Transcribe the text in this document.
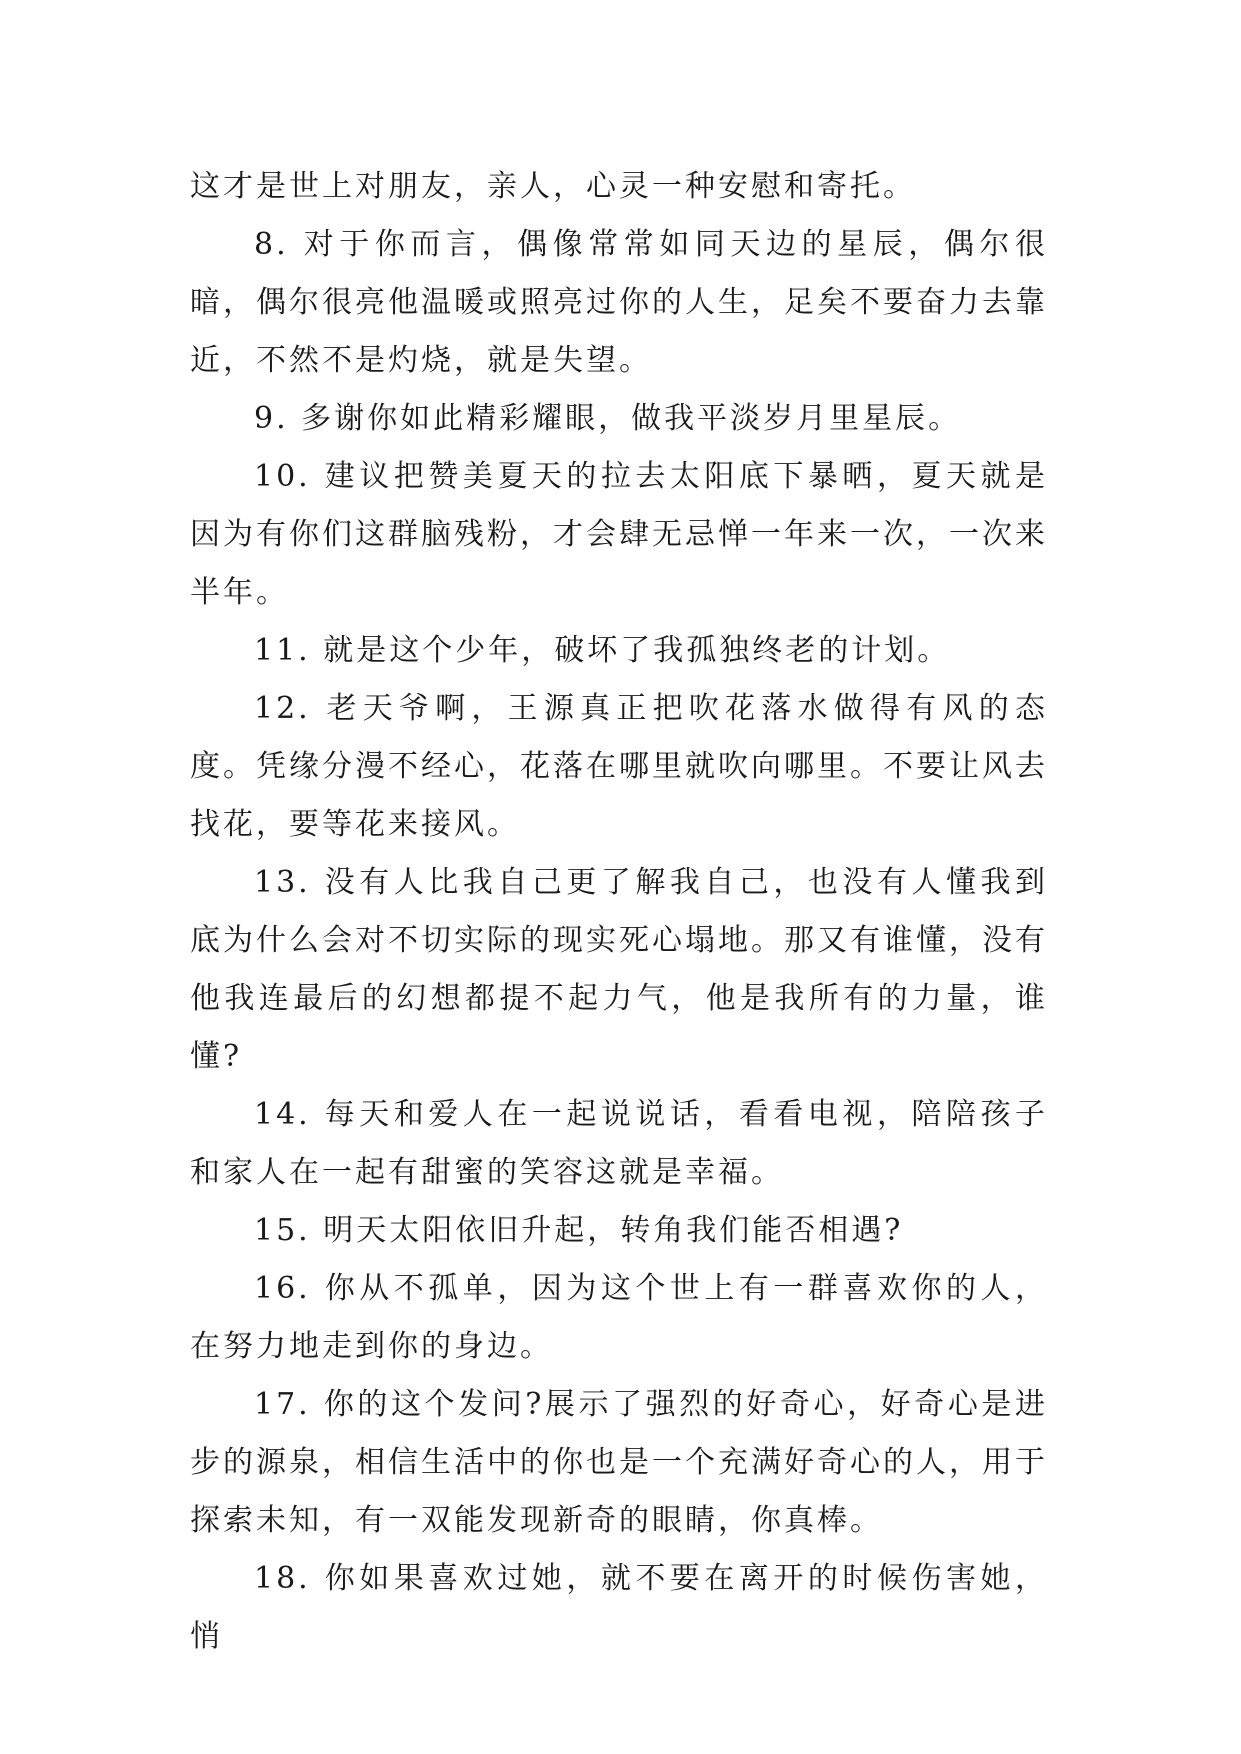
这才是世上对朋友，亲人，心灵一种安慰和寄托。

8. 对于你而言，偶像常常如同天边的星辰，偶尔很暗，偶尔很亮他温暖或照亮过你的人生，足矣不要奋力去靠近，不然不是灼烧，就是失望。

9. 多谢你如此精彩耀眼，做我平淡岁月里星辰。

10. 建议把赞美夏天的拉去太阳底下暴晒，夏天就是因为有你们这群脑残粉，才会肆无忌惮一年来一次，一次来半年。

11. 就是这个少年，破坏了我孤独终老的计划。

12. 老天爷啊，王源真正把吹花落水做得有风的态度。凭缘分漫不经心，花落在哪里就吹向哪里。不要让风去找花，要等花来接风。

13. 没有人比我自己更了解我自己，也没有人懂我到底为什么会对不切实际的现实死心塌地。那又有谁懂，没有他我连最后的幻想都提不起力气，他是我所有的力量，谁懂?

14. 每天和爱人在一起说说话，看看电视，陪陪孩子和家人在一起有甜蜜的笑容这就是幸福。

15. 明天太阳依旧升起，转角我们能否相遇?

16. 你从不孤单，因为这个世上有一群喜欢你的人，在努力地走到你的身边。

17. 你的这个发问?展示了强烈的好奇心，好奇心是进步的源泉，相信生活中的你也是一个充满好奇心的人，用于探索未知，有一双能发现新奇的眼睛，你真棒。

18. 你如果喜欢过她，就不要在离开的时候伤害她，悄
